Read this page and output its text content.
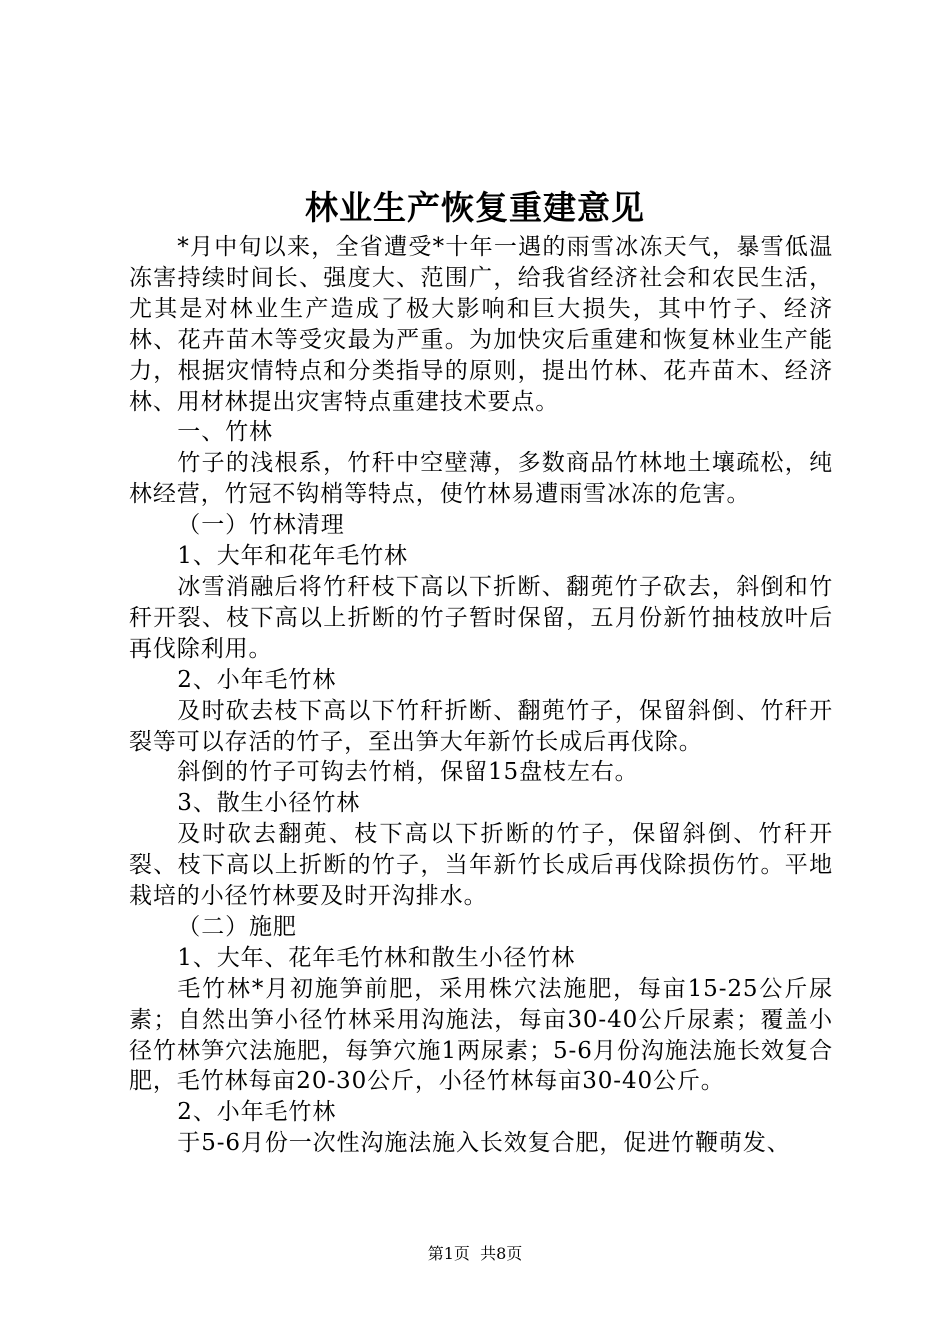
林业生产恢复重建意见

*月中旬以来，全省遭受*十年一遇的雨雪冰冻天气，暴雪低温冻害持续时间长、强度大、范围广，给我省经济社会和农民生活，尤其是对林业生产造成了极大影响和巨大损失，其中竹子、经济林、花卉苗木等受灾最为严重。为加快灾后重建和恢复林业生产能力，根据灾情特点和分类指导的原则，提出竹林、花卉苗木、经济林、用材林提出灾害特点重建技术要点。

一、竹林

竹子的浅根系，竹秆中空壁薄，多数商品竹林地土壤疏松，纯林经营，竹冠不钩梢等特点，使竹林易遭雨雪冰冻的危害。

（一）竹林清理

1、大年和花年毛竹林

冰雪消融后将竹秆枝下高以下折断、翻蔸竹子砍去，斜倒和竹秆开裂、枝下高以上折断的竹子暂时保留，五月份新竹抽枝放叶后再伐除利用。

2、小年毛竹林

及时砍去枝下高以下竹秆折断、翻蔸竹子，保留斜倒、竹秆开裂等可以存活的竹子，至出笋大年新竹长成后再伐除。

斜倒的竹子可钩去竹梢，保留15盘枝左右。

3、散生小径竹林

及时砍去翻蔸、枝下高以下折断的竹子，保留斜倒、竹秆开裂、枝下高以上折断的竹子，当年新竹长成后再伐除损伤竹。平地栽培的小径竹林要及时开沟排水。

（二）施肥

1、大年、花年毛竹林和散生小径竹林

毛竹林*月初施笋前肥，采用株穴法施肥，每亩15-25公斤尿素；自然出笋小径竹林采用沟施法，每亩30-40公斤尿素；覆盖小径竹林笋穴法施肥，每笋穴施1两尿素；5-6月份沟施法施长效复合肥，毛竹林每亩20-30公斤，小径竹林每亩30-40公斤。

2、小年毛竹林

于5-6月份一次性沟施法施入长效复合肥，促进竹鞭萌发、

第1页 共8页
